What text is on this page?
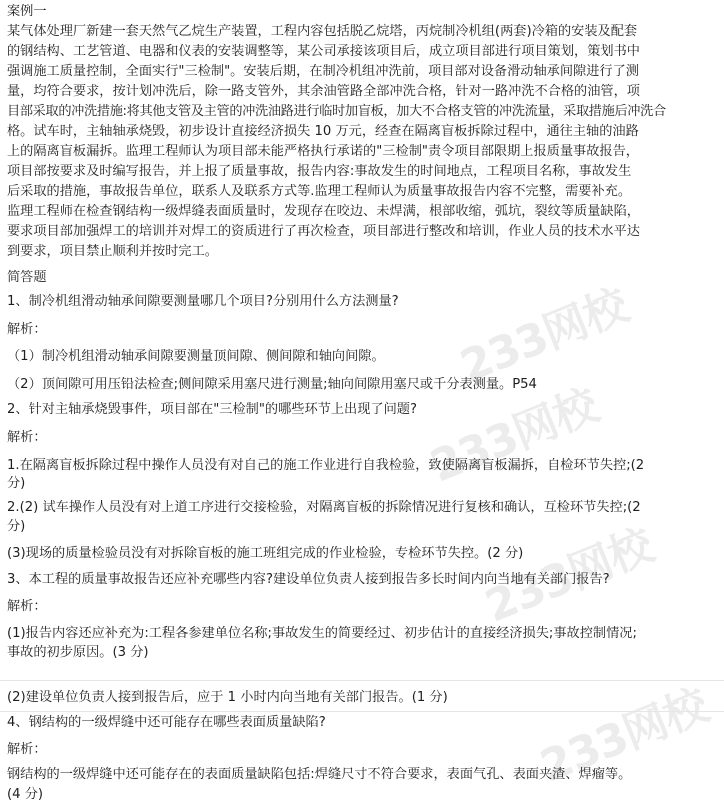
233网校
233网校
233网校
233网校
案例一
某气体处理厂新建一套天然气乙烷生产装置，工程内容包括脱乙烷塔，丙烷制冷机组(两套)冷箱的安装及配套
的钢结构、工艺管道、电器和仪表的安装调整等，某公司承接该项目后，成立项目部进行项目策划，策划书中
强调施工质量控制，全面实行"三检制"。安装后期，在制冷机组冲洗前，项目部对设备滑动轴承间隙进行了测
量，均符合要求，按计划冲洗后，除一路支管外，其余油管路全部冲洗合格，针对一路冲洗不合格的油管，项
目部采取的冲洗措施:将其他支管及主管的冲洗油路进行临时加盲板，加大不合格支管的冲洗流量，采取措施后冲洗合
格。试车时，主轴轴承烧毁，初步设计直接经济损失 10 万元，经查在隔离盲板拆除过程中，通往主轴的油路
上的隔离盲板漏拆。监理工程师认为项目部未能严格执行承诺的"三检制"责令项目部限期上报质量事故报告，
项目部按要求及时编写报告，并上报了质量事故，报告内容:事故发生的时间地点，工程项目名称，事故发生
后采取的措施，事故报告单位，联系人及联系方式等.监理工程师认为质量事故报告内容不完整，需要补充。
监理工程师在检查钢结构一级焊缝表面质量时，发现存在咬边、未焊满，根部收缩，弧坑，裂纹等质量缺陷，
要求项目部加强焊工的培训并对焊工的资质进行了再次检查，项目部进行整改和培训，作业人员的技术水平达
到要求，项目禁止顺利并按时完工。
简答题
1、制冷机组滑动轴承间隙要测量哪几个项目?分别用什么方法测量?
解析：
（1）制冷机组滑动轴承间隙要测量顶间隙、侧间隙和轴向间隙。
（2）顶间隙可用压铅法检查;侧间隙采用塞尺进行测量;轴向间隙用塞尺或千分表测量。P54
2、针对主轴承烧毁事件，项目部在"三检制"的哪些环节上出现了问题?
解析：
1.在隔离盲板拆除过程中操作人员没有对自己的施工作业进行自我检验，致使隔离盲板漏拆，自检环节失控;(2
分)
2.(2) 试车操作人员没有对上道工序进行交接检验，对隔离盲板的拆除情况进行复核和确认，互检环节失控;(2
分)
(3)现场的质量检验员没有对拆除盲板的施工班组完成的作业检验，专检环节失控。(2 分)
3、本工程的质量事故报告还应补充哪些内容?建设单位负责人接到报告多长时间内向当地有关部门报告?
解析：
(1)报告内容还应补充为:工程各参建单位名称;事故发生的简要经过、初步估计的直接经济损失;事故控制情况;
事故的初步原因。(3 分)
(2)建设单位负责人接到报告后，应于 1 小时内向当地有关部门报告。(1 分)
4、钢结构的一级焊缝中还可能存在哪些表面质量缺陷?
解析：
钢结构的一级焊缝中还可能存在的表面质量缺陷包括:焊缝尺寸不符合要求，表面气孔、表面夹渣、焊瘤等。
(4 分)
